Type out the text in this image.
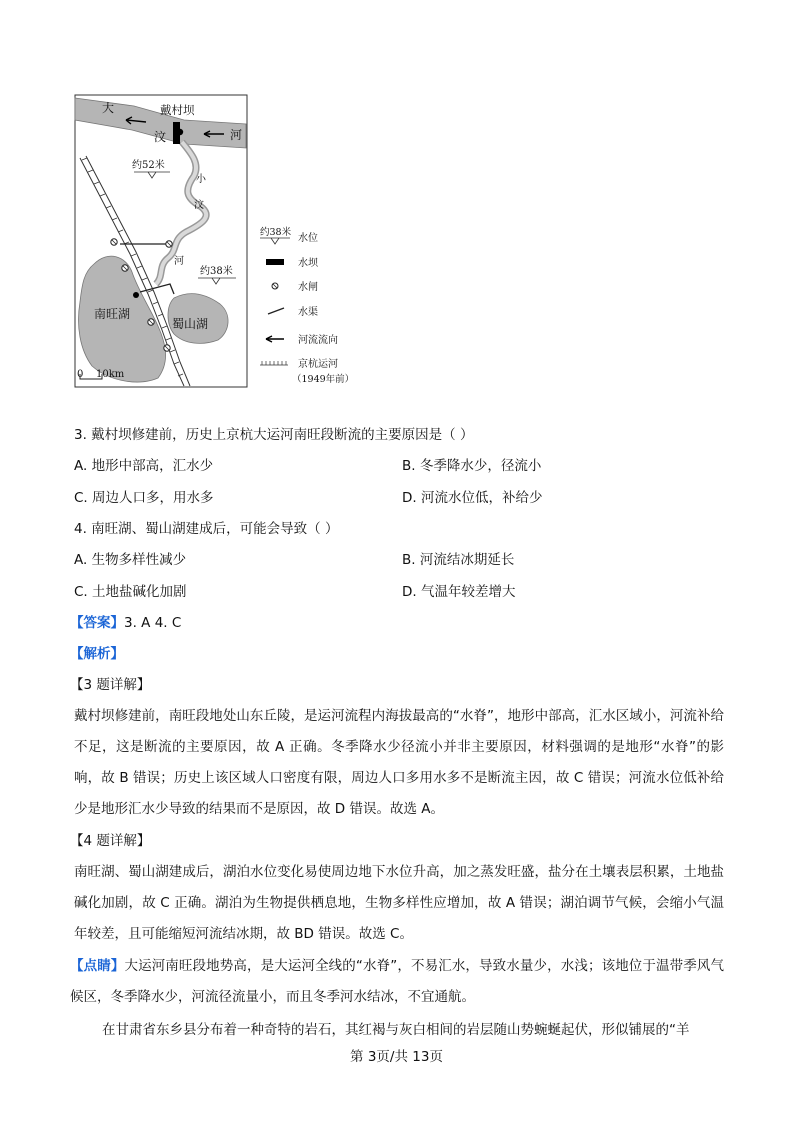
大
汶	河
戴村坝
约52米
小
汶
河
约38米
南旺湖
蜀山湖
0 10km
约38米
水位
水坝
水闸
水渠
河流流向
京杭运河
（1949年前）
3. 戴村坝修建前，历史上京杭大运河南旺段断流的主要原因是（ ）
A. 地形中部高，汇水少	B. 冬季降水少，径流小
C. 周边人口多，用水多	D. 河流水位低，补给少
4. 南旺湖、蜀山湖建成后，可能会导致（ ）
A. 生物多样性减少	B. 河流结冰期延长
C. 土地盐碱化加剧	D. 气温年较差增大
【答案】3. A 4. C
【解析】
【3 题详解】
戴村坝修建前，南旺段地处山东丘陵，是运河流程内海拔最高的“水脊”，地形中部高，汇水区域小，河流补给不足，这是断流的主要原因，故 A 正确。冬季降水少径流小并非主要原因，材料强调的是地形“水脊”的影响，故 B 错误；历史上该区域人口密度有限，周边人口多用水多不是断流主因，故 C 错误；河流水位低补给少是地形汇水少导致的结果而不是原因，故 D 错误。故选 A。
【4 题详解】
南旺湖、蜀山湖建成后，湖泊水位变化易使周边地下水位升高，加之蒸发旺盛，盐分在土壤表层积累，土地盐碱化加剧，故 C 正确。湖泊为生物提供栖息地，生物多样性应增加，故 A 错误；湖泊调节气候，会缩小气温年较差，且可能缩短河流结冰期，故 BD 错误。故选 C。
【点睛】大运河南旺段地势高，是大运河全线的“水脊”，不易汇水，导致水量少，水浅；该地位于温带季风气候区，冬季降水少，河流径流量小，而且冬季河水结冰，不宜通航。
在甘肃省东乡县分布着一种奇特的岩石，其红褐与灰白相间的岩层随山势蜿蜒起伏，形似铺展的“羊
第 3页/共 13页
